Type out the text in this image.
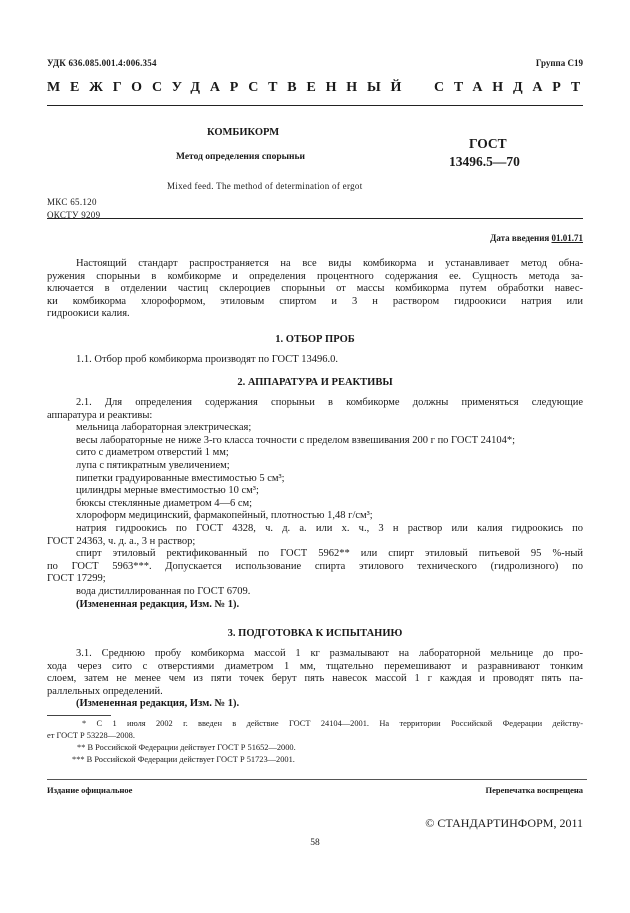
УДК 636.085.001.4:006.354	Группа С19
МЕЖГОСУДАРСТВЕННЫЙ СТАНДАРТ
КОМБИКОРМ
Метод определения спорыньи
ГОСТ
13496.5—70
Mixed feed. The method of determination of ergot
МКС 65.120
ОКСТУ 9209
Дата введения 01.01.71

Настоящий стандарт распространяется на все виды комбикорма и устанавливает метод обна-

ружения спорыньи в комбикорме и определения процентного содержания ее. Сущность метода за-

ключается в отделении частиц склероциев спорыньи от массы комбикорма путем обработки навес-

ки комбикорма хлороформом, этиловым спиртом и 3 н раствором гидроокиси натрия или

гидроокиси калия.

1. ОТБОР ПРОБ

1.1. Отбор проб комбикорма производят по ГОСТ 13496.0.

2. АППАРАТУРА И РЕАКТИВЫ

2.1. Для определения содержания спорыньи в комбикорме должны применяться следующие

аппаратура и реактивы:

мельница лабораторная электрическая;

весы лабораторные не ниже 3-го класса точности с пределом взвешивания 200 г по ГОСТ 24104*;

сито с диаметром отверстий 1 мм;

лупа с пятикратным увеличением;

пипетки градуированные вместимостью 5 см³;

цилиндры мерные вместимостью 10 см³;

бюксы стеклянные диаметром 4—6 см;

хлороформ медицинский, фармакопейный, плотностью 1,48 г/см³;

натрия гидроокись по ГОСТ 4328, ч. д. а. или х. ч., 3 н раствор или калия гидроокись по

ГОСТ 24363, ч. д. а., 3 н раствор;

спирт этиловый ректификованный по ГОСТ 5962** или спирт этиловый питьевой 95 %-ный

по ГОСТ 5963***. Допускается использование спирта этилового технического (гидролизного) по

ГОСТ 17299;

вода дистиллированная по ГОСТ 6709.

(Измененная редакция, Изм. № 1).

3. ПОДГОТОВКА К ИСПЫТАНИЮ

3.1. Среднюю пробу комбикорма массой 1 кг размалывают на лабораторной мельнице до про-

хода через сито с отверстиями диаметром 1 мм, тщательно перемешивают и разравнивают тонким

слоем, затем не менее чем из пяти точек берут пять навесок массой 1 г каждая и проводят пять па-

раллельных определений.

(Измененная редакция, Изм. № 1).

* С 1 июля 2002 г. введен в действие ГОСТ 24104—2001. На территории Российской Федерации действу-

ет ГОСТ Р 53228—2008.

** В Российской Федерации действует ГОСТ Р 51652—2000.

*** В Российской Федерации действует ГОСТ Р 51723—2001.

Издание официальное	Перепечатка воспрещена
© СТАНДАРТИНФОРМ, 2011
58
